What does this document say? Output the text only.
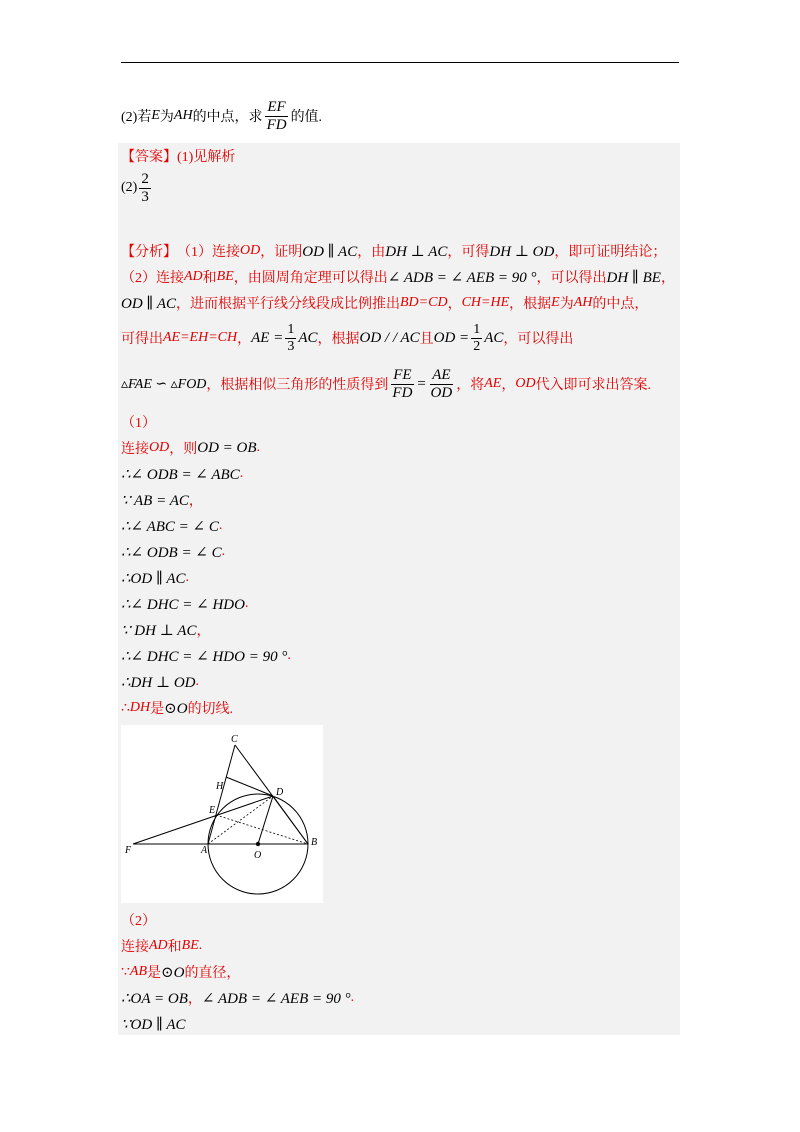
(2)若 E 为 AH 的中点，求 $\frac{EF}{FD}$ 的值.
【答案】 (1)见解析
$(2) \frac{2}{3}$
【分析】 （1）连接 OD ，证明 OD ∥ AC ，由 DH ⊥ AC ，可得 DH ⊥ OD ，即可证明结论；
（2）连接 AD 和 BE ，由圆周角定理可以得出 ∠ ADB = ∠ AEB = 90 ° ，可以得出 DH ∥ BE ，
OD ∥ AC ，进而根据平行线分线段成比例推出 BD=CD ， CH=HE ，根据 E 为 AH 的中点，
可得出 AE=EH=CH ， AE = $\frac{1}{3}$ AC ，根据 OD / / AC 且 OD = $\frac{1}{2}$ AC ，可以得出
▵FAE ∽ ▵FOD ，根据相似三角形的性质得到 $\frac{FE}{FD} = \frac{AE}{OD}$ ，将 AE ， OD 代入即可求出答案.
（1）
连接 OD ，则 OD = OB .
∴∠ ODB = ∠ ABC .
∵ AB = AC ，
∴∠ ABC = ∠ C .
∴∠ ODB = ∠ C .
∴OD ∥ AC .
∴∠ DHC = ∠ HDO .
∵ DH ⊥ AC ，
∴∠ DHC = ∠ HDO = 90 ° .
∴DH ⊥ OD .
∴ DH 是 ⊙O 的切线.
C
H
D
E
F	A	O
B
（2）
连接 AD 和 BE .
∵ AB 是 ⊙O 的直径，
∴OA = OB ， ∠ ADB = ∠ AEB = 90 ° .
∵OD ∥ AC
